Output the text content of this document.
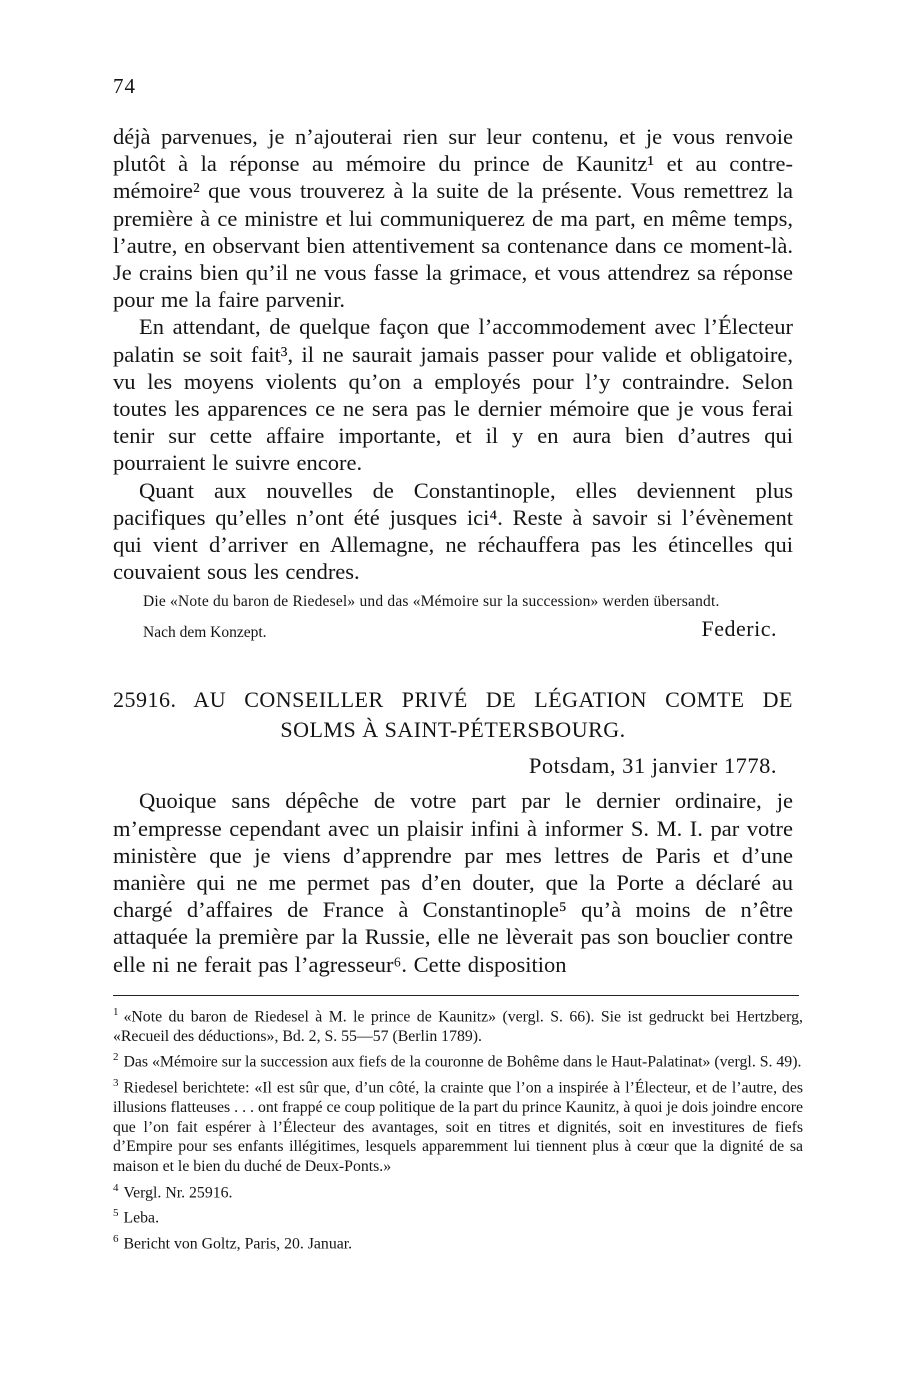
74

déjà parvenues, je n’ajouterai rien sur leur contenu, et je vous renvoie plutôt à la réponse au mémoire du prince de Kaunitz¹ et au contre-mémoire² que vous trouverez à la suite de la présente. Vous remettrez la première à ce ministre et lui communiquerez de ma part, en même temps, l’autre, en observant bien attentivement sa contenance dans ce moment-là. Je crains bien qu’il ne vous fasse la grimace, et vous attendrez sa réponse pour me la faire parvenir.

En attendant, de quelque façon que l’accommodement avec l’Électeur palatin se soit fait³, il ne saurait jamais passer pour valide et obligatoire, vu les moyens violents qu’on a employés pour l’y contraindre. Selon toutes les apparences ce ne sera pas le dernier mémoire que je vous ferai tenir sur cette affaire importante, et il y en aura bien d’autres qui pourraient le suivre encore.

Quant aux nouvelles de Constantinople, elles deviennent plus pacifiques qu’elles n’ont été jusques ici⁴. Reste à savoir si l’évènement qui vient d’arriver en Allemagne, ne réchauffera pas les étincelles qui couvaient sous les cendres.

Die «Note du baron de Riedesel» und das «Mémoire sur la succession» werden übersandt.

Nach dem Konzept.	Federic.
25916. AU CONSEILLER PRIVÉ DE LÉGATION COMTE DE
SOLMS À SAINT-PÉTERSBOURG.
Potsdam, 31 janvier 1778.

Quoique sans dépêche de votre part par le dernier ordinaire, je m’empresse cependant avec un plaisir infini à informer S. M. I. par votre ministère que je viens d’apprendre par mes lettres de Paris et d’une manière qui ne me permet pas d’en douter, que la Porte a déclaré au chargé d’affaires de France à Constantinople⁵ qu’à moins de n’être attaquée la première par la Russie, elle ne lèverait pas son bouclier contre elle ni ne ferait pas l’agresseur⁶. Cette disposition

$^1$ «Note du baron de Riedesel à M. le prince de Kaunitz» (vergl. S. 66). Sie ist gedruckt bei Hertzberg, «Recueil des déductions», Bd. 2, S. 55—57 (Berlin 1789).

$^2$ Das «Mémoire sur la succession aux fiefs de la couronne de Bohême dans le Haut-Palatinat» (vergl. S. 49).

$^3$ Riedesel berichtete: «Il est sûr que, d’un côté, la crainte que l’on a inspirée à l’Électeur, et de l’autre, des illusions flatteuses . . . ont frappé ce coup politique de la part du prince Kaunitz, à quoi je dois joindre encore que l’on fait espérer à l’Électeur des avantages, soit en titres et dignités, soit en investitures de fiefs d’Empire pour ses enfants illégitimes, lesquels apparemment lui tiennent plus à cœur que la dignité de sa maison et le bien du duché de Deux-Ponts.»

$^4$ Vergl. Nr. 25916.

$^5$ Leba.

$^6$ Bericht von Goltz, Paris, 20. Januar.
